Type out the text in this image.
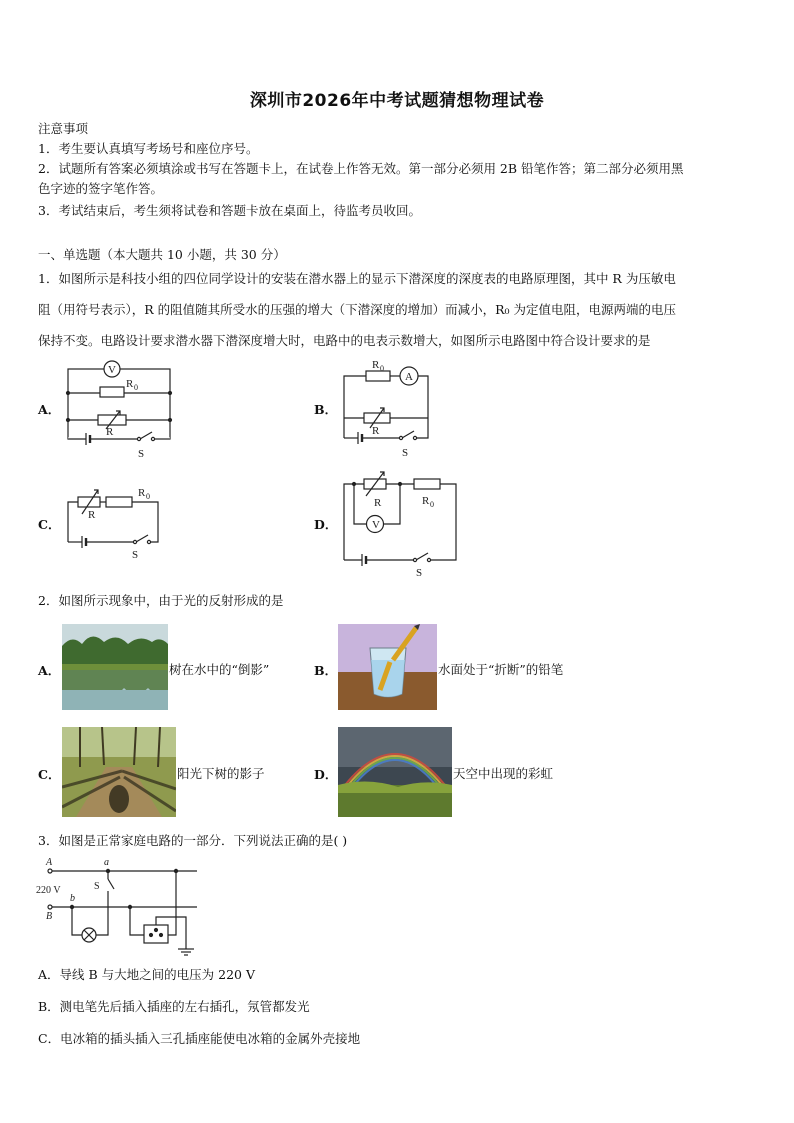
深圳市2026年中考试题猜想物理试卷
注意事项
1．考生要认真填写考场号和座位序号。
2．试题所有答案必须填涂或书写在答题卡上，在试卷上作答无效。第一部分必须用 2B 铅笔作答；第二部分必须用黑
色字迹的签字笔作答。
3．考试结束后，考生须将试卷和答题卡放在桌面上，待监考员收回。
一、单选题（本大题共 10 小题，共 30 分）
1．如图所示是科技小组的四位同学设计的安装在潜水器上的显示下潜深度的深度表的电路原理图，其中 R 为压敏电
阻（用符号表示），R 的阻值随其所受水的压强的增大（下潜深度的增加）而减小，R₀ 为定值电阻，电源两端的电压
保持不变。电路设计要求潜水器下潜深度增大时，电路中的电表示数增大，如图所示电路图中符合设计要求的是
A．	B．
C．	D．
V
R 0
R
S
R 0
A
R
S
R 0
R
S
V
R 0
R
S
2．如图所示现象中，由于光的反射形成的是
A．	树在水中的“倒影”	B．	水面处于“折断”的铅笔
C．	阳光下树的影子	D．	天空中出现的彩虹
3．如图是正常家庭电路的一部分．下列说法正确的是( )
A
220 V
B
a
b
S
A．导线 B 与大地之间的电压为 220 V
B．测电笔先后插入插座的左右插孔，氖管都发光
C．电冰箱的插头插入三孔插座能使电冰箱的金属外壳接地
